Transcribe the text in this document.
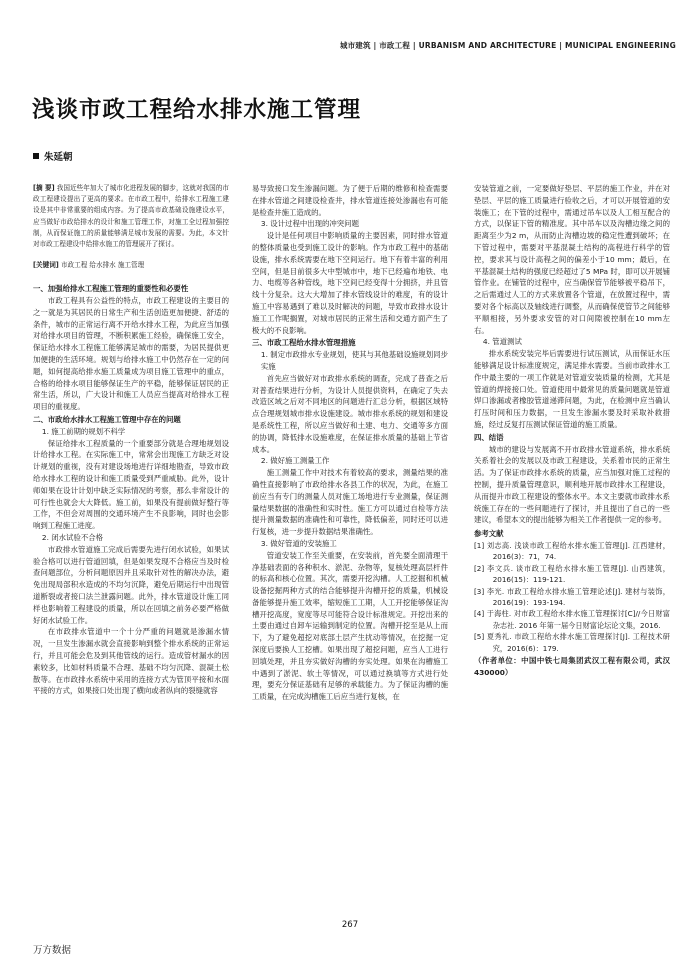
城市建筑 | 市政工程 | URBANISM AND ARCHITECTURE | MUNICIPAL ENGINEERING
浅谈市政工程给水排水施工管理
朱延朝

[摘 要] 我国近些年加大了城市化进程发展的脚步，这就对我国的市政工程建设提出了更高的要求。在市政工程中，给排水工程施工建设是其中非常重要的组成内容。为了提高市政基础设施建设水平，应当做好市政给排水的设计和施工管理工作，对施工全过程加强控制，从而保证施工的质量能够满足城市发展的需要。为此，本文针对市政工程建设中给排水施工的管理展开了探讨。

[关键词] 市政工程 给水排水 施工管理

一、加强给排水工程施工管理的重要性和必要性

市政工程具有公益性的特点，市政工程建设的主要目的之一就是为其居民的日常生产和生活创造更加便捷、舒适的条件，城市的正常运行离不开给水排水工程，为此应当加强对给排水项目的管理，不断积累施工经验，确保施工安全，保证给水排水工程施工能够满足城市的需要，为居民提供更加便捷的生活环境。规划与给排水施工中仍然存在一定的问题，如何提高给排水施工质量成为项目施工管理中的重点，合格的给排水项目能够保证生产的平稳，能够保证居民的正常生活，所以，广大设计和施工人员应当提高对给排水工程项目的重视度。

二、市政给水排水工程施工管理中存在的问题

1. 施工前期的规划不科学

保证给排水工程质量的一个重要部分就是合理地规划设计给排水工程。在实际施工中，常常会出现施工方缺乏对设计规划的重视，没有对建设场地进行详细地勘查，导致市政给水排水工程的设计和施工质量受到严重威胁。此外，设计师如果在设计计划中缺乏实际情况的考察，那么非常设计的可行性也就会大大降低。施工前，如果没有提前做好整行等工作，不但会对周围的交通环境产生不良影响，同时也会影响到工程施工进度。

2. 闭水试验不合格

市政排水管道施工完成后需要先进行闭水试验，如果试验合格可以进行管道回填，但是如果发现不合格应当及时检查问题部位，分析问题原因并且采取针对性的解决办法，避免出现局部积水造成的不均匀沉降，避免后期运行中出现管道断裂或者接口法兰泄露问题。此外，排水管道设计施工同样也影响着工程建设的质量，所以在回填之前务必要严格做好闭水试验工作。

在市政排水管道中一个十分严重的问题就是渗漏水情况，一旦发生渗漏水就会直接影响到整个排水系统的正常运行，并且可能会危及到其他管线的运行。造成管材漏水的因素较多，比如材料质量不合理、基础不均匀沉降、混凝土松散等。在市政排水系统中采用的连接方式为管顶平接和水面平接的方式，如果接口处出现了横向或者纵向的裂缝就容

易导致接口发生渗漏问题。为了便于后期的维修和检查需要在排水管道之间建设检查井，排水管道连接处渗漏也有可能是检查井施工造成的。

3. 设计过程中出现的冲突问题

设计是任何项目中影响质量的主要因素，同时排水管道的整体质量也受到施工设计的影响。作为市政工程中的基础设施，排水系统需要在地下空间运行。地下有着丰富的利用空间，但是目前很多大中型城市中，地下已经遍布地铁、电力、电缆等各种管线，地下空间已经变得十分拥挤，并且管线十分复杂。这大大增加了排水管线设计的难度，有的设计施工中容易遇到了难以及时解决的问题，导致市政排水设计施工工作呢搁置，对城市居民的正常生活和交通方面产生了极大的不良影响。

三、市政工程给水排水管理措施

1. 制定市政排水专业规划，使其与其他基础设施规划同步实施

首先应当做好对市政排水系统的调查，完成了普查之后对普查结果进行分析，为设计人员提供资料，在确定了失去改造区域之后对不同地区的问题进行汇总分析，根据区域特点合理规划城市排水设施建设。城市排水系统的规划和建设是系统性工程，所以应当做好和土建、电力、交通等多方面的协调，降低排水设施难度，在保证排水质量的基础上节省成本。

2. 做好施工测量工作

施工测量工作中对技术有着较高的要求，测量结果的准确性直接影响了市政给排水各县工作的状况，为此，在施工前应当有专门的测量人员对施工场地进行专业测量，保证测量结果数据的准确性和实时性。施工方可以通过自检等方法提升测量数据的准确性和可靠性，降低偏差，同时还可以进行复核，进一步提升数据结果准确性。

3. 做好管道的安装施工

管道安装工作至关重要，在安装前，首先要全面清理干净基础表面的各种积水、淤泥、杂物等，复核处理高层杆件的标高和核心位置。其次，需要开挖沟槽。人工挖掘和机械设备挖掘两种方式的结合能够提升沟槽开挖的质量，机械设备能够提升施工效率，缩短施工工期，人工开挖能够保证沟槽开挖高度，宽度等尽可能符合设计标准规定。开挖出来的土要由通过自卸车运输到制定的位置。沟槽开挖至是从上而下，为了避免超挖对底部土层产生扰动等情况，在挖掘一定深度后要换人工挖槽。如果出现了超挖问题，应当人工进行回填处理，并且夯实做好沟槽的夯实处理。如果在沟槽施工中遇到了淤泥、软土等情况，可以通过换填等方式进行处理，要充分保证基础有足够的承载能力。为了保证沟槽的施工质量，在完成沟槽施工后应当进行复核，在

安装管道之前，一定要做好垫层、平层的施工作业，并在对垫层、平层的施工质量进行验收之后，才可以开展管道的安装施工；在下管的过程中，需通过吊车以及人工相互配合的方式，以保证下管的精准度。其中吊车以及沟槽边缘之间的距离至少为2 m，从而防止沟槽边坡的稳定性遭到破坏；在下管过程中，需要对平基混凝土结构的高程进行科学的管控，要求其与设计高程之间的偏差小于10 mm；最后，在平基混凝土结构的强度已经超过了5 MPa 时，即可以开展铺管作业。在铺管的过程中，应当确保管节能够被平稳吊下，之后需通过人工的方式来放置各个管道，在放置过程中，需要对各个标高以及轴线进行调整，从而确保使管节之间能够平顺相接，另外要求安管的对口间隙被控制在10 mm左右。

4. 管道测试

排水系统安装完毕后需要进行试压测试，从而保证水压能够满足设计标准度规定，满足排水需要。当前市政排水工作中最主要的一项工作就是对管道安装质量的检测，尤其是管道的焊接接口处。管道使用中最常见的质量问题就是管道焊口渗漏或者橡胶管道递滞问题，为此，在检测中应当确认打压时间和压力数据，一旦发生渗漏水要及时采取补救措施，经过反复打压测试保证管道的施工质量。

四、结语

城市的建设与发展离不开市政排水管道系统，排水系统关系着社会的发展以及市政工程建设，关系着市民的正常生活。为了保证市政排水系统的质量，应当加强对施工过程的控制，提升质量管理意识，顺利地开展市政排水工程建设，从而提升市政工程建设的整体水平。本文主要就市政排水系统施工存在的一些问题进行了探讨，并且提出了自己的一些建议，希望本文的提出能够为相关工作者提供一定的参考。

参考文献

[1] 刘志高. 浅谈市政工程给水排水施工管理[J]. 江西建材，2016(3)：71，74.

[2] 李文兵. 谈市政工程给水排水施工管理[J]. 山西建筑，2016(15)：119-121.

[3] 李光. 市政工程给水排水施工管理论述[J]. 建材与装饰，2016(19)：193-194.

[4] 于海柱. 对市政工程给水排水施工管理探讨[C]//今日财富杂志社. 2016 年第一届今日财富论坛论文集，2016.

[5] 夏秀礼. 市政工程给水排水施工管理探讨[J]. 工程技术研究，2016(6)：179.

（作者单位：中国中铁七局集团武汉工程有限公司，武汉 430000）

267
万方数据
